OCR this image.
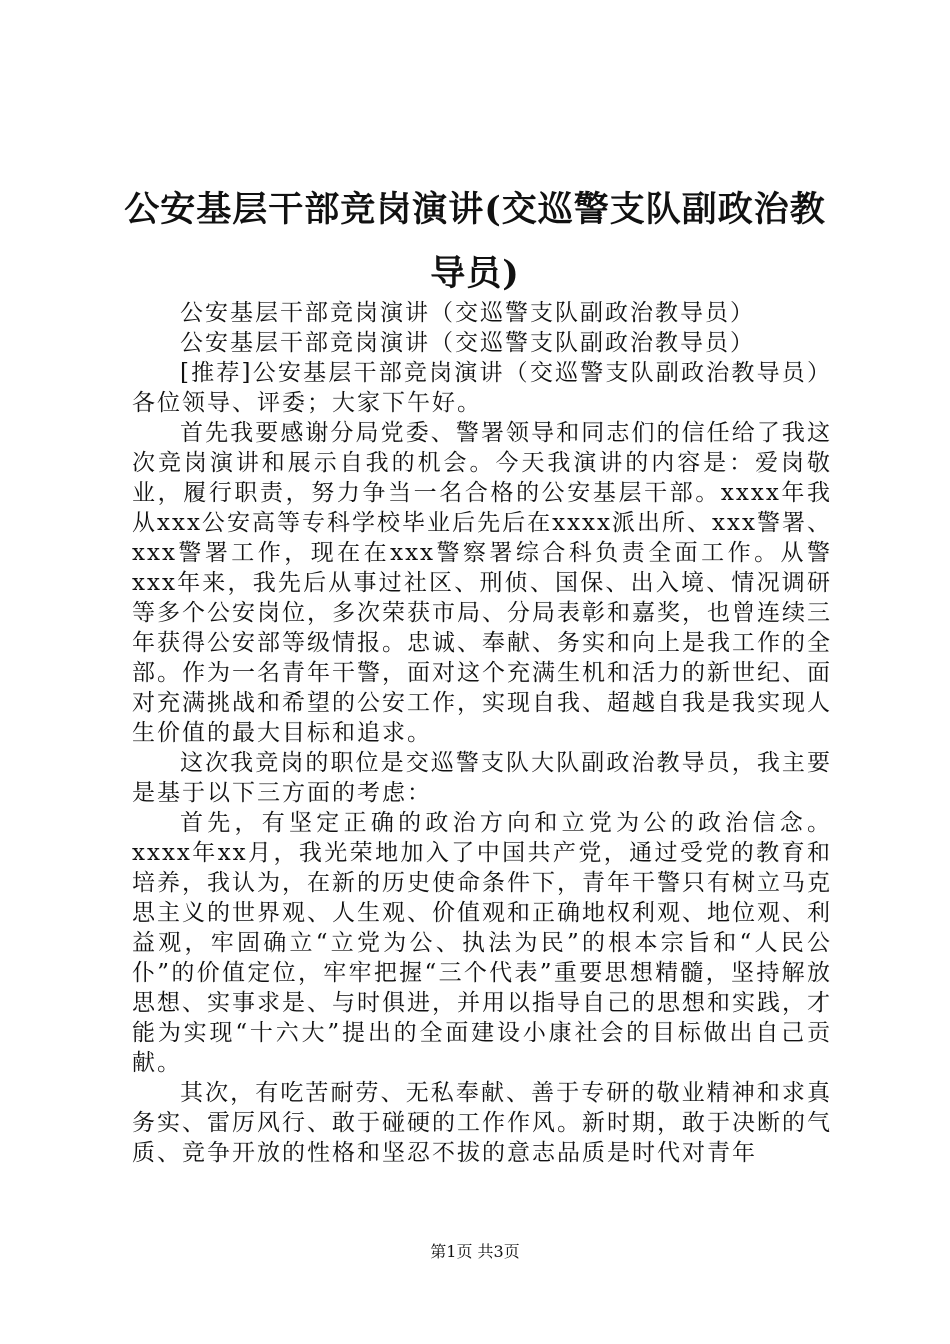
公安基层干部竞岗演讲(交巡警支队副政治教导员)

公安基层干部竞岗演讲（交巡警支队副政治教导员）

公安基层干部竞岗演讲（交巡警支队副政治教导员）

[推荐]公安基层干部竞岗演讲（交巡警支队副政治教导员）各位领导、评委；大家下午好。

首先我要感谢分局党委、警署领导和同志们的信任给了我这次竞岗演讲和展示自我的机会。今天我演讲的内容是：爱岗敬业，履行职责，努力争当一名合格的公安基层干部。xxxx年我从xxx公安高等专科学校毕业后先后在xxxx派出所、xxx警署、xxx警署工作，现在在xxx警察署综合科负责全面工作。从警xxx年来，我先后从事过社区、刑侦、国保、出入境、情况调研等多个公安岗位，多次荣获市局、分局表彰和嘉奖，也曾连续三年获得公安部等级情报。忠诚、奉献、务实和向上是我工作的全部。作为一名青年干警，面对这个充满生机和活力的新世纪、面对充满挑战和希望的公安工作，实现自我、超越自我是我实现人生价值的最大目标和追求。

这次我竞岗的职位是交巡警支队大队副政治教导员，我主要是基于以下三方面的考虑：

首先，有坚定正确的政治方向和立党为公的政治信念。xxxx年xx月，我光荣地加入了中国共产党，通过受党的教育和培养，我认为，在新的历史使命条件下，青年干警只有树立马克思主义的世界观、人生观、价值观和正确地权利观、地位观、利益观，牢固确立“立党为公、执法为民”的根本宗旨和“人民公仆”的价值定位，牢牢把握“三个代表”重要思想精髓，坚持解放思想、实事求是、与时俱进，并用以指导自己的思想和实践，才能为实现“十六大”提出的全面建设小康社会的目标做出自己贡献。

其次，有吃苦耐劳、无私奉献、善于专研的敬业精神和求真务实、雷厉风行、敢于碰硬的工作作风。新时期，敢于决断的气质、竞争开放的性格和坚忍不拔的意志品质是时代对青年

第1页 共3页
